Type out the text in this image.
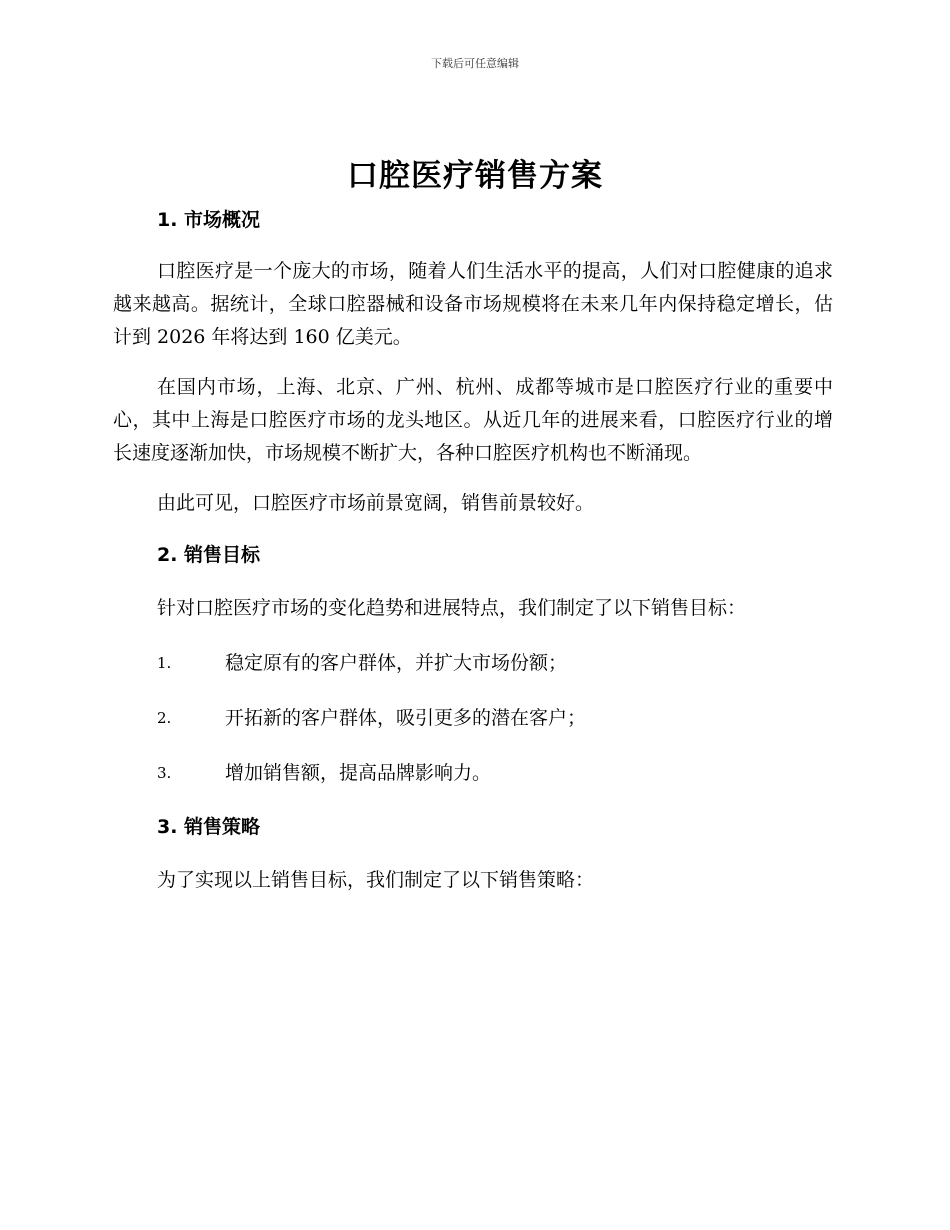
下载后可任意编辑
口腔医疗销售方案
1. 市场概况

口腔医疗是一个庞大的市场，随着人们生活水平的提高，人们对口腔健康的追求越来越高。据统计，全球口腔器械和设备市场规模将在未来几年内保持稳定增长，估计到 2026 年将达到 160 亿美元。

在国内市场，上海、北京、广州、杭州、成都等城市是口腔医疗行业的重要中心，其中上海是口腔医疗市场的龙头地区。从近几年的进展来看，口腔医疗行业的增长速度逐渐加快，市场规模不断扩大，各种口腔医疗机构也不断涌现。

由此可见，口腔医疗市场前景宽阔，销售前景较好。

2. 销售目标

针对口腔医疗市场的变化趋势和进展特点，我们制定了以下销售目标：

1.	稳定原有的客户群体，并扩大市场份额；
2.	开拓新的客户群体，吸引更多的潜在客户；
3.	增加销售额，提高品牌影响力。
3. 销售策略

为了实现以上销售目标，我们制定了以下销售策略：
